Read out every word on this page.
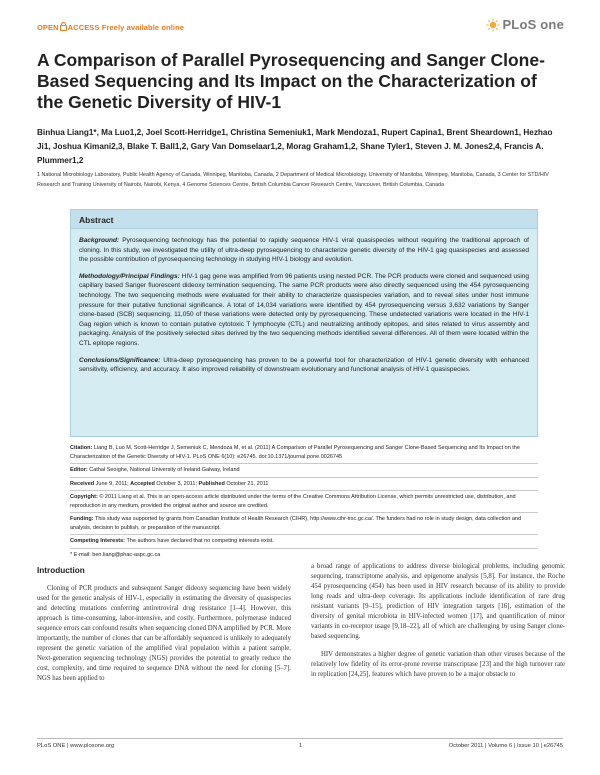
OPEN ACCESS Freely available online	PLoS one
A Comparison of Parallel Pyrosequencing and Sanger Clone-Based Sequencing and Its Impact on the Characterization of the Genetic Diversity of HIV-1
Binhua Liang1*, Ma Luo1,2, Joel Scott-Herridge1, Christina Semeniuk1, Mark Mendoza1, Rupert Capina1, Brent Sheardown1, Hezhao Ji1, Joshua Kimani2,3, Blake T. Ball1,2, Gary Van Domselaar1,2, Morag Graham1,2, Shane Tyler1, Steven J. M. Jones2,4, Francis A. Plummer1,2
1 National Microbiology Laboratory, Public Health Agency of Canada, Winnipeg, Manitoba, Canada, 2 Department of Medical Microbiology, University of Manitoba, Winnipeg, Manitoba, Canada, 3 Center for STD/HIV Research and Training University of Nairobi, Nairobi, Kenya, 4 Genome Sciences Centre, British Columbia Cancer Research Centre, Vancouver, British Columbia, Canada
Abstract

Background: Pyrosequencing technology has the potential to rapidly sequence HIV-1 viral quasispecies without requiring the traditional approach of cloning. In this study, we investigated the utility of ultra-deep pyrosequencing to characterize genetic diversity of the HIV-1 gag quasispecies and assessed the possible contribution of pyrosequencing technology in studying HIV-1 biology and evolution.

Methodology/Principal Findings: HIV-1 gag gene was amplified from 96 patients using nested PCR. The PCR products were cloned and sequenced using capillary based Sanger fluorescent dideoxy termination sequencing. The same PCR products were also directly sequenced using the 454 pyrosequencing technology. The two sequencing methods were evaluated for their ability to characterize quasispecies variation, and to reveal sites under host immune pressure for their putative functional significance. A total of 14,034 variations were identified by 454 pyrosequencing versus 3,632 variations by Sanger clone-based (SCB) sequencing. 11,050 of these variations were detected only by pyrosequencing. These undetected variations were located in the HIV-1 Gag region which is known to contain putative cytotoxic T lymphocyte (CTL) and neutralizing antibody epitopes, and sites related to virus assembly and packaging. Analysis of the positively selected sites derived by the two sequencing methods identified several differences. All of them were located within the CTL epitope regions.

Conclusions/Significance: Ultra-deep pyrosequencing has proven to be a powerful tool for characterization of HIV-1 genetic diversity with enhanced sensitivity, efficiency, and accuracy. It also improved reliability of downstream evolutionary and functional analysis of HIV-1 quasispecies.

Citation: Liang B, Luo M, Scott-Herridge J, Semeniuk C, Mendoza M, et al. (2011) A Comparison of Parallel Pyrosequencing and Sanger Clone-Based Sequencing and Its Impact on the Characterization of the Genetic Diversity of HIV-1. PLoS ONE 6(10): e26745. doi:10.1371/journal.pone.0026745

Editor: Cathal Seoighe, National University of Ireland Galway, Ireland

Received June 9, 2011; Accepted October 3, 2011; Published October 21, 2011

Copyright: © 2011 Liang et al. This is an open-access article distributed under the terms of the Creative Commons Attribution License, which permits unrestricted use, distribution, and reproduction in any medium, provided the original author and source are credited.

Funding: This study was supported by grants from Canadian Institute of Health Research (CIHR), http://www.cihr-irsc.gc.ca/. The funders had no role in study design, data collection and analysis, decision to publish, or preparation of the manuscript.

Competing Interests: The authors have declared that no competing interests exist.

* E-mail: ben.liang@phac-aspc.gc.ca

Introduction

Cloning of PCR products and subsequent Sanger dideoxy sequencing have been widely used for the genetic analysis of HIV-1, especially in estimating the diversity of quasispecies and detecting mutations conferring antiretroviral drug resistance [1–4]. However, this approach is time-consuming, labor-intensive, and costly. Furthermore, polymerase induced sequence errors can confound results when sequencing cloned DNA amplified by PCR. More importantly, the number of clones that can be affordably sequenced is unlikely to adequately represent the genetic variation of the amplified viral population within a patient sample. Next-generation sequencing technology (NGS) provides the potential to greatly reduce the cost, complexity, and time required to sequence DNA without the need for cloning [5–7]. NGS has been applied to

a broad range of applications to address diverse biological problems, including genomic sequencing, transcriptome analysis, and epigenome analysis [5,8]. For instance, the Roche 454 pyrosequencing (454) has been used in HIV research because of its ability to provide long reads and ultra-deep coverage. Its applications include identification of rare drug resistant variants [9–15], prediction of HIV integration targets [16], estimation of the diversity of genital microbiota in HIV-infected women [17], and quantification of minor variants in co-receptor usage [9,18–22], all of which are challenging by using Sanger clone-based sequencing.

HIV demonstrates a higher degree of genetic variation than other viruses because of the relatively low fidelity of its error-prone reverse transcriptase [23] and the high turnover rate in replication [24,25], features which have proven to be a major obstacle to

PLoS ONE | www.plosone.org	1	October 2011 | Volume 6 | Issue 10 | e26745
